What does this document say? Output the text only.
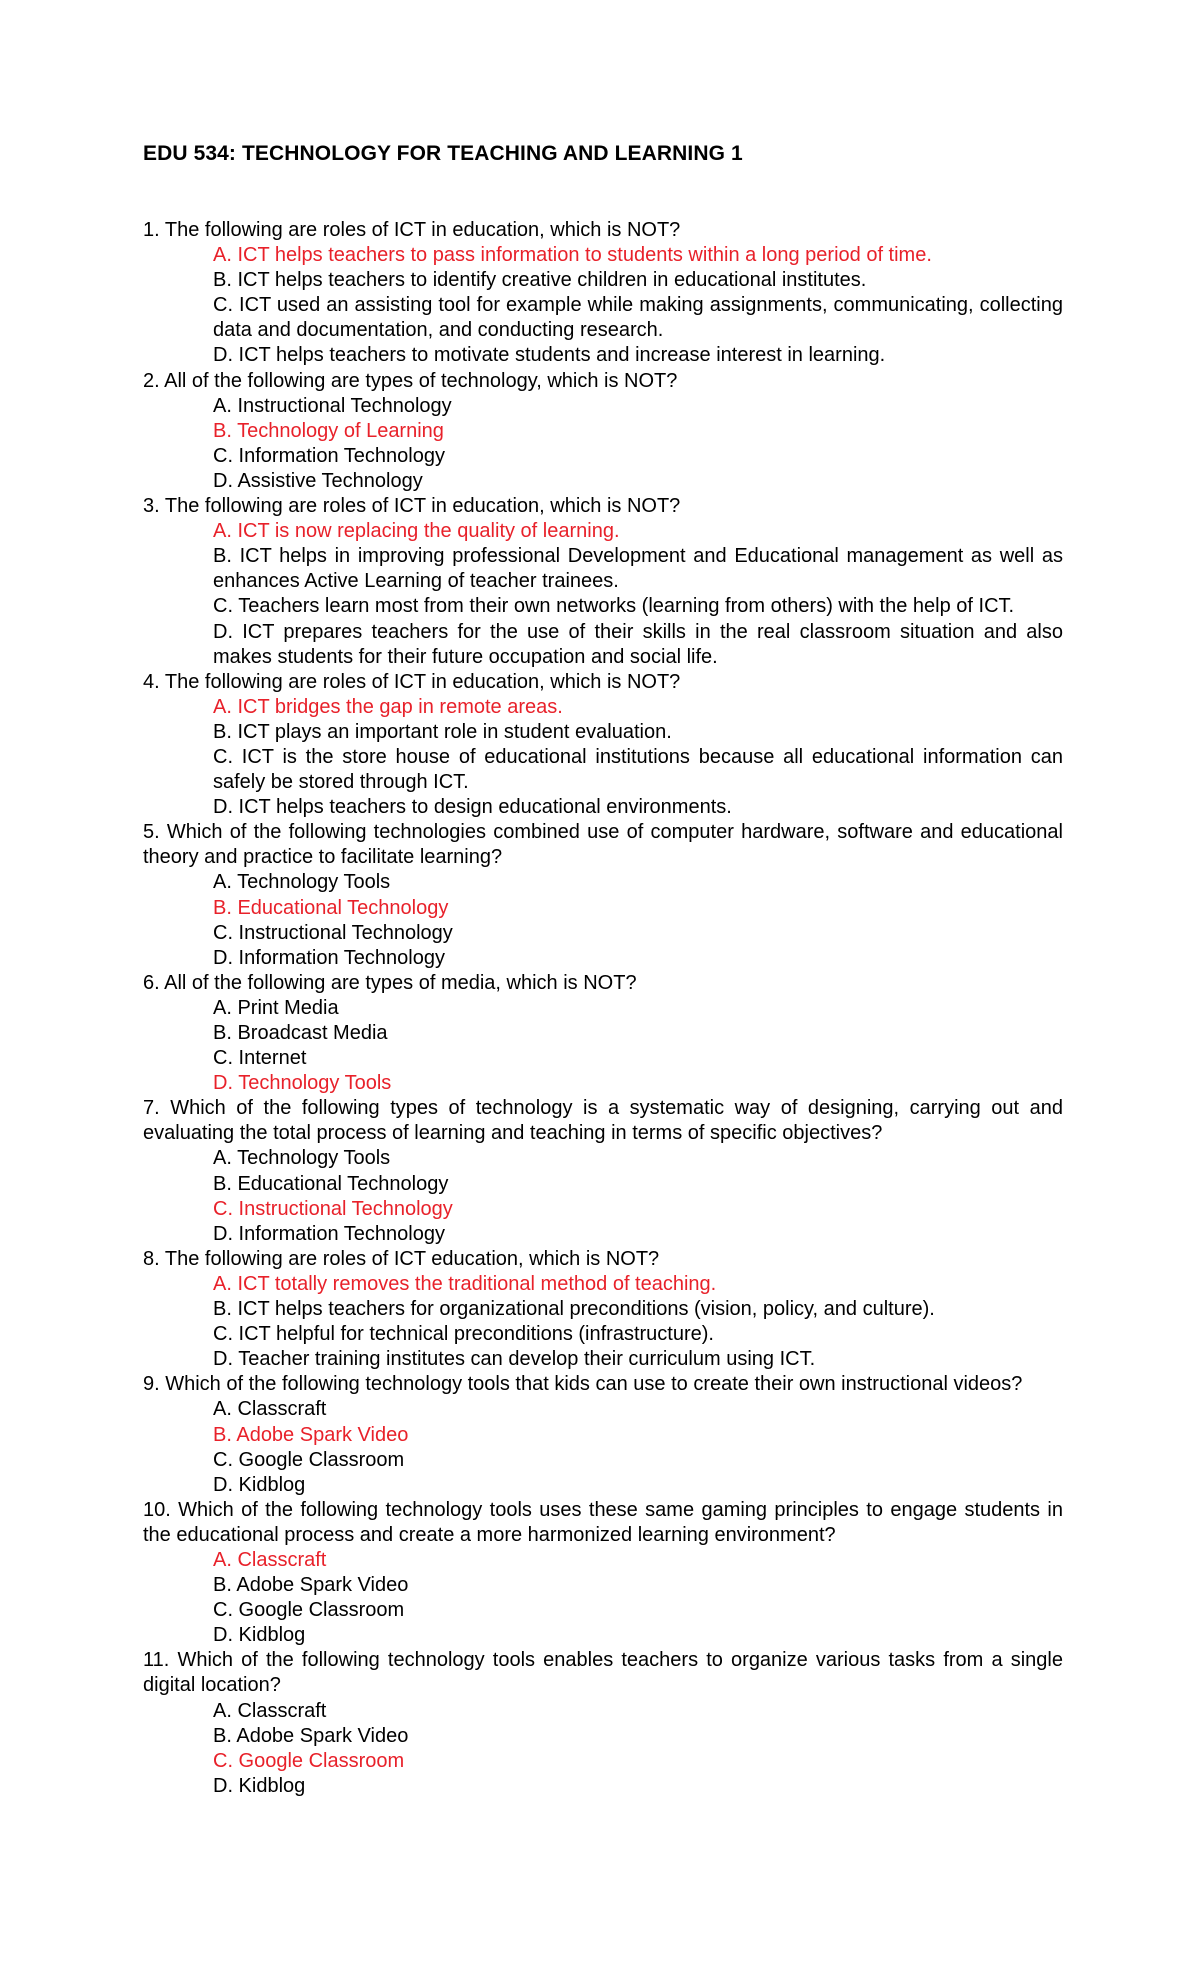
EDU 534: TECHNOLOGY FOR TEACHING AND LEARNING 1
1. The following are roles of ICT in education, which is NOT?
A. ICT helps teachers to pass information to students within a long period of time.
B. ICT helps teachers to identify creative children in educational institutes.
C. ICT used an assisting tool for example while making assignments, communicating, collecting data and documentation, and conducting research.
D. ICT helps teachers to motivate students and increase interest in learning.
2. All of the following are types of technology, which is NOT?
A. Instructional Technology
B. Technology of Learning
C. Information Technology
D. Assistive Technology
3. The following are roles of ICT in education, which is NOT?
A. ICT is now replacing the quality of learning.
B. ICT helps in improving professional Development and Educational management as well as enhances Active Learning of teacher trainees.
C. Teachers learn most from their own networks (learning from others) with the help of ICT.
D. ICT prepares teachers for the use of their skills in the real classroom situation and also makes students for their future occupation and social life.
4. The following are roles of ICT in education, which is NOT?
A. ICT bridges the gap in remote areas.
B. ICT plays an important role in student evaluation.
C. ICT is the store house of educational institutions because all educational information can safely be stored through ICT.
D. ICT helps teachers to design educational environments.
5. Which of the following technologies combined use of computer hardware, software and educational theory and practice to facilitate learning?
A. Technology Tools
B. Educational Technology
C. Instructional Technology
D. Information Technology
6. All of the following are types of media, which is NOT?
A. Print Media
B. Broadcast Media
C. Internet
D. Technology Tools
7. Which of the following types of technology is a systematic way of designing, carrying out and evaluating the total process of learning and teaching in terms of specific objectives?
A. Technology Tools
B. Educational Technology
C. Instructional Technology
D. Information Technology
8. The following are roles of ICT education, which is NOT?
A. ICT totally removes the traditional method of teaching.
B. ICT helps teachers for organizational preconditions (vision, policy, and culture).
C. ICT helpful for technical preconditions (infrastructure).
D. Teacher training institutes can develop their curriculum using ICT.
9. Which of the following technology tools that kids can use to create their own instructional videos?
A. Classcraft
B. Adobe Spark Video
C. Google Classroom
D. Kidblog
10. Which of the following technology tools uses these same gaming principles to engage students in the educational process and create a more harmonized learning environment?
A. Classcraft
B. Adobe Spark Video
C. Google Classroom
D. Kidblog
11. Which of the following technology tools enables teachers to organize various tasks from a single digital location?
A. Classcraft
B. Adobe Spark Video
C. Google Classroom
D. Kidblog
